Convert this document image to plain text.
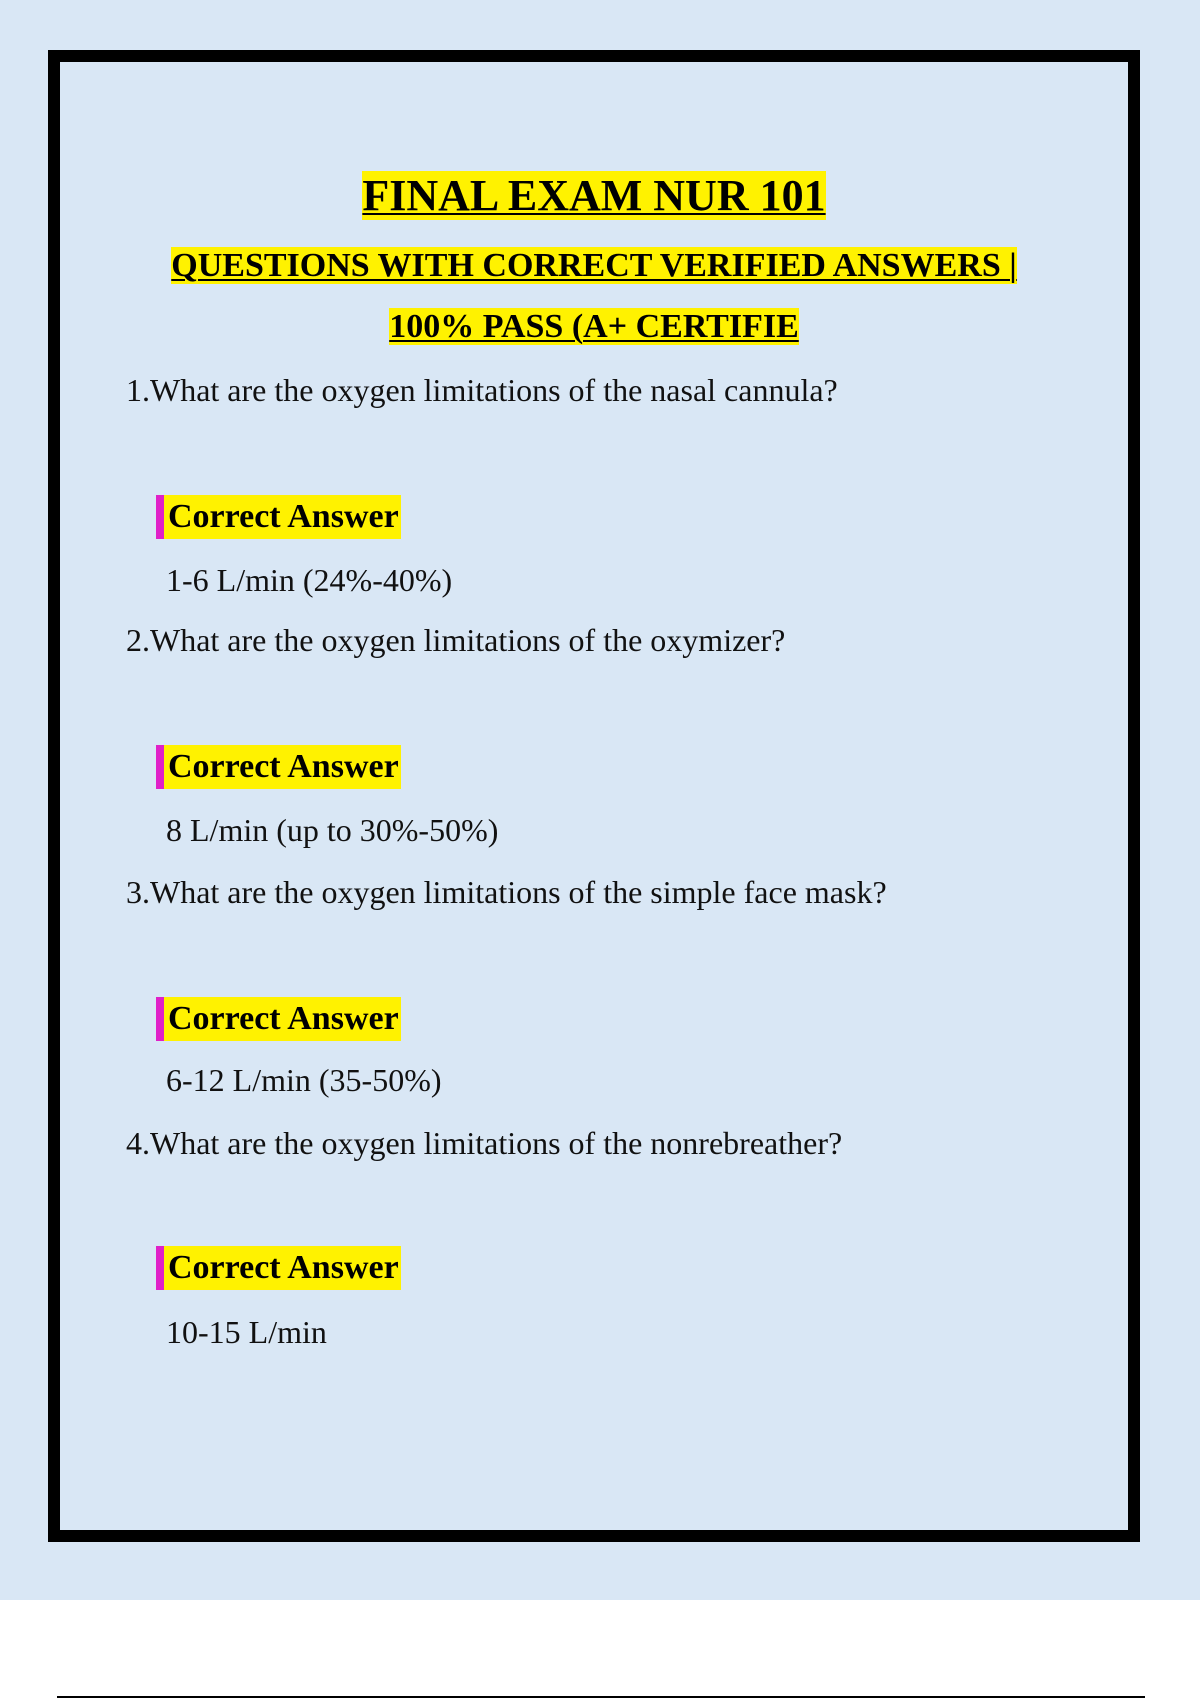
FINAL EXAM NUR 101
QUESTIONS WITH CORRECT VERIFIED ANSWERS |
100% PASS (A+ CERTIFIE
1.What are the oxygen limitations of the nasal cannula?
Correct Answer
1-6 L/min (24%-40%)
2.What are the oxygen limitations of the oxymizer?
Correct Answer
8 L/min (up to 30%-50%)
3.What are the oxygen limitations of the simple face mask?
Correct Answer
6-12 L/min (35-50%)
4.What are the oxygen limitations of the nonrebreather?
Correct Answer
10-15 L/min
